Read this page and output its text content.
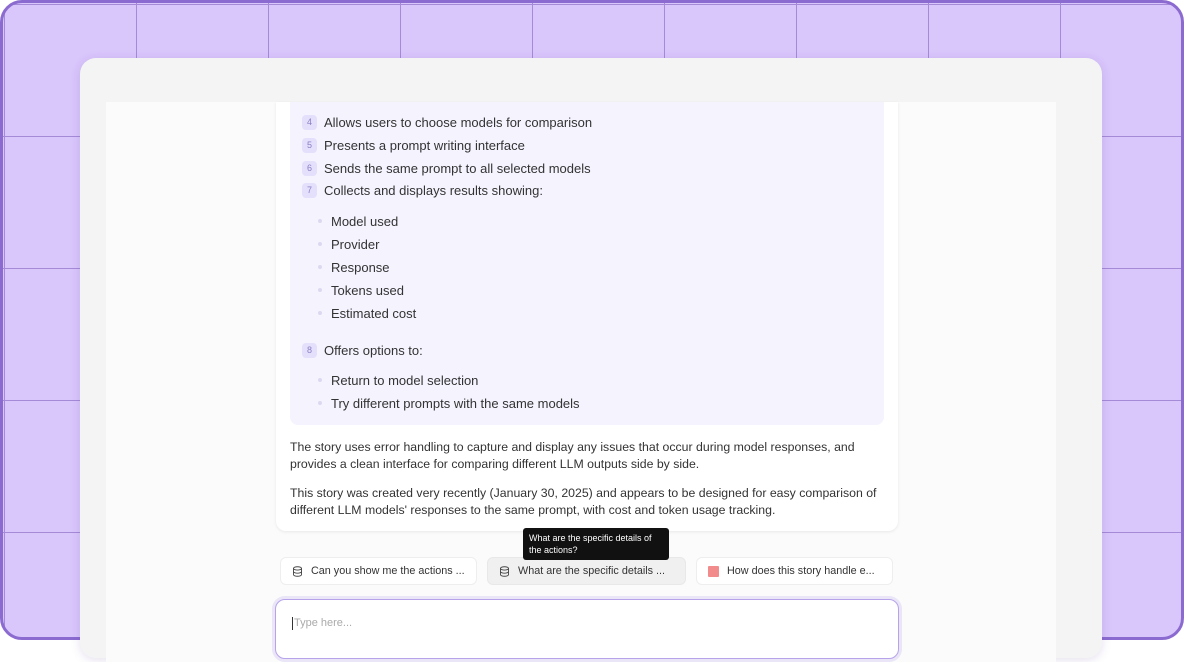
4 Allows users to choose models for comparison
5 Presents a prompt writing interface
6 Sends the same prompt to all selected models
7 Collects and displays results showing:
Model used
Provider
Response
Tokens used
Estimated cost
8 Offers options to:
Return to model selection
Try different prompts with the same models
The story uses error handling to capture and display any issues that occur during model responses, and provides a clean interface for comparing different LLM outputs side by side.
This story was created very recently (January 30, 2025) and appears to be designed for easy comparison of different LLM models' responses to the same prompt, with cost and token usage tracking.
Can you show me the actions ...	What are the specific details ...	How does this story handle e...
What are the specific details of the actions?
Type here...
